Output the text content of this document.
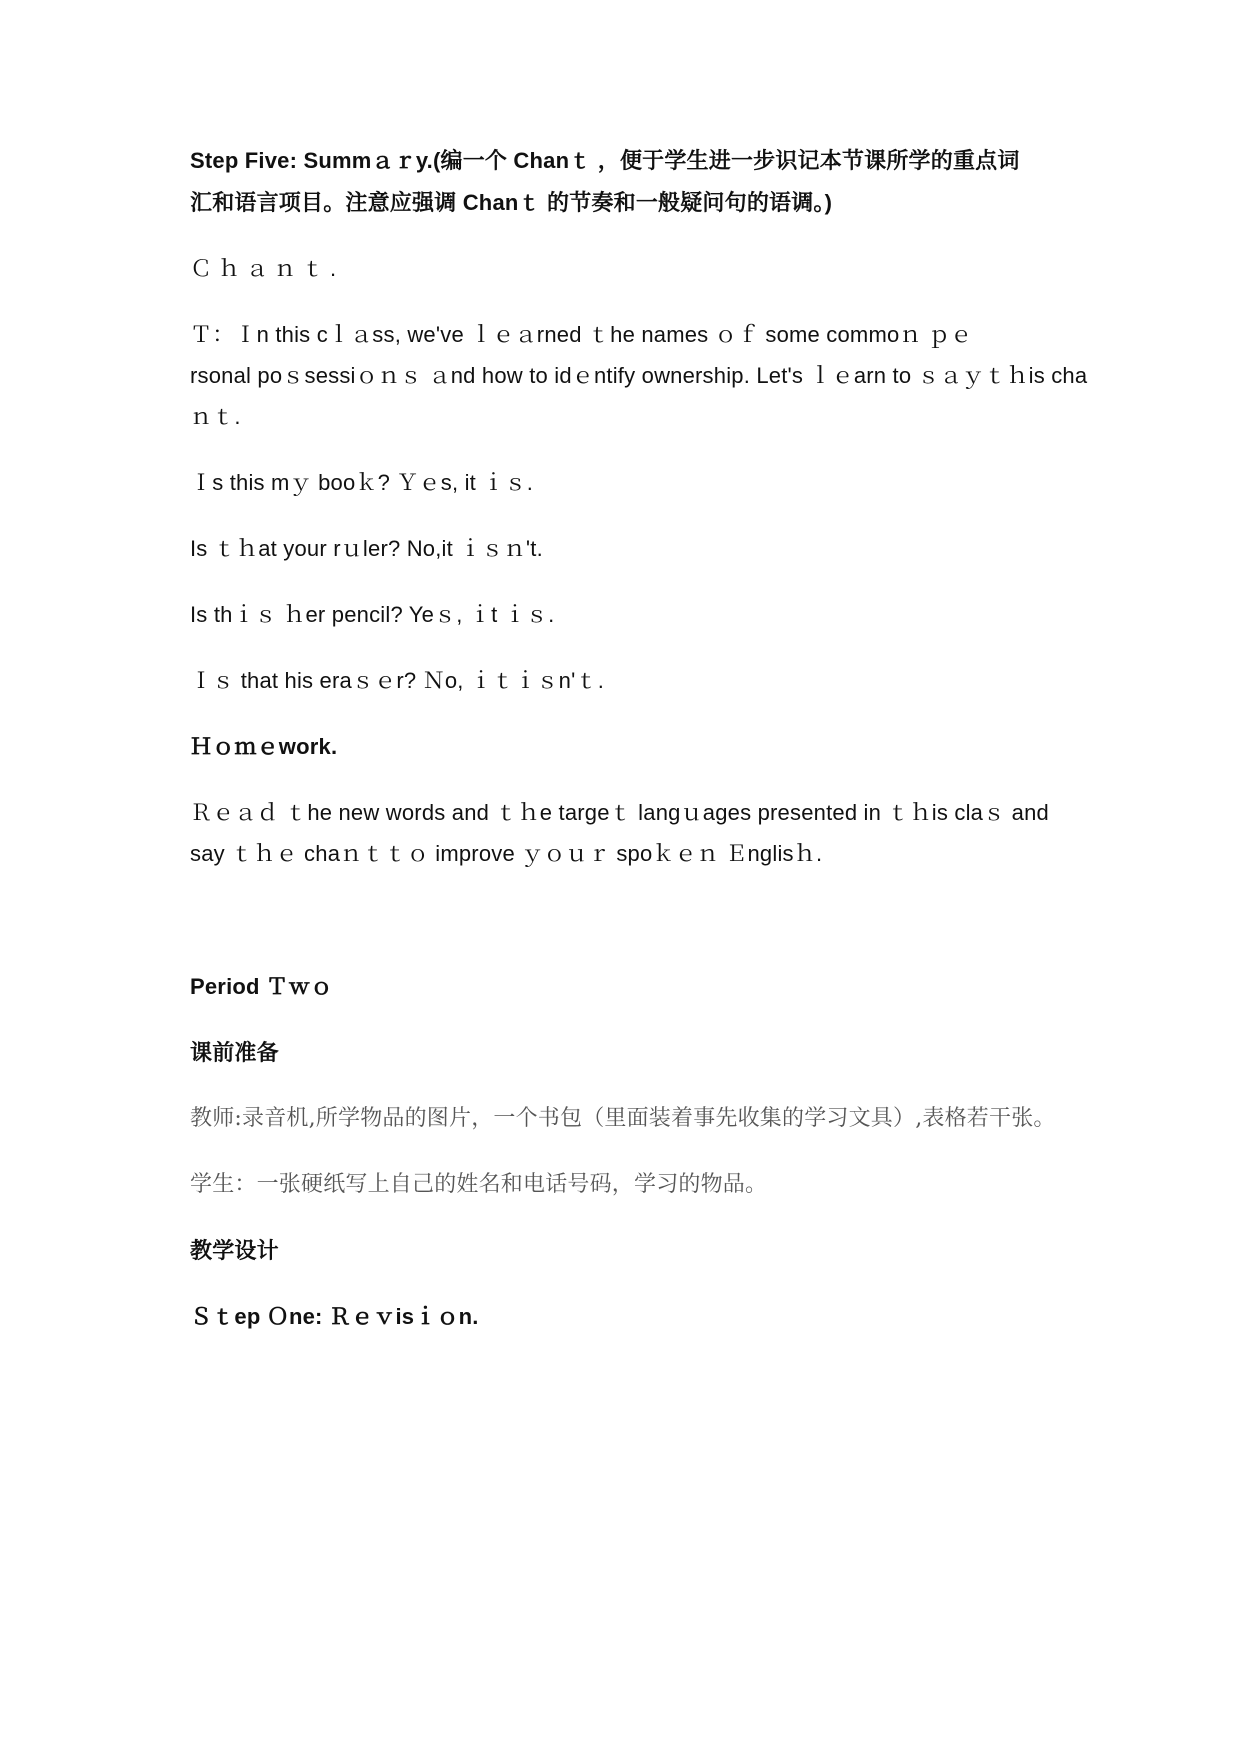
Step Five: Summａｒy.(编一个 Chanｔ ，便于学生进一步识记本节课所学的重点词
汇和语言项目。注意应强调 Chanｔ 的节奏和一般疑问句的语调。)
Ｃｈａｎｔ.
Ｔ：Ｉn this cｌａss, we've ｌｅａrned ｔhe names ｏｆ some commoｎ ｐｅ
rsonal poｓsessiｏｎｓ ａnd how to idｅntify ownership. Let's ｌｅarn to ｓａｙｔｈis cha
ｎｔ.
Ｉs this mｙ booｋ? Ｙｅs, it ｉｓ.
Is ｔｈat your rｕler? No,it ｉｓｎ't.
Is thｉｓ ｈer pencil? Yeｓ, ｉt ｉｓ.
Ｉｓ that his eraｓｅr? Ｎo, ｉｔｉｓn'ｔ.
Ｈｏｍｅwork.
Ｒｅａｄ ｔhe new words and ｔｈe targeｔ langｕages presented in ｔｈis claｓ and
say ｔｈｅ chaｎｔｔｏ improve ｙｏｕｒ spoｋｅｎ Ｅnglisｈ.
Period Ｔｗｏ
课前准备
教师:录音机,所学物品的图片，一个书包（里面装着事先收集的学习文具）,表格若干张。
学生：一张硬纸写上自己的姓名和电话号码，学习的物品。
教学设计
Ｓｔep Ｏne: Ｒｅｖisｉｏn.
